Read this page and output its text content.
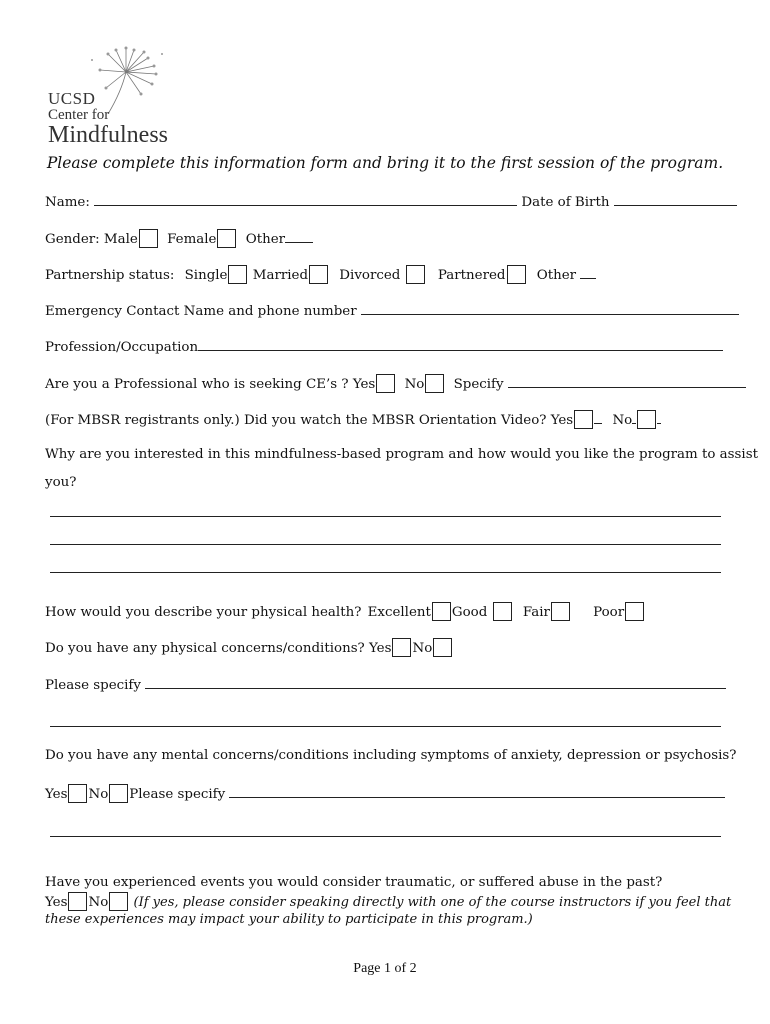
UCSD
Center for
Mindfulness
Please complete this information form and bring it to the first session of the program.
Name:	Date of Birth
Gender: Male Female Other
Partnership status: Single Married Divorced	Partnered Other
Emergency Contact Name and phone number
Profession/Occupation
Are you a Professional who is seeking CE’s ? Yes No Specify
(For MBSR registrants only.) Did you watch the MBSR Orientation Video? Yes	No
Why are you interested in this mindfulness-based program and how would you like the program to assist
you?
How would you describe your physical health? Excellent Good	Fair	Poor
Do you have any physical concerns/conditions? Yes No
Please specify
Do you have any mental concerns/conditions including symptoms of anxiety, depression or psychosis?
Yes No Please specify
Have you experienced events you would consider traumatic, or suffered abuse in the past?
Yes No (If yes, please consider speaking directly with one of the course instructors if you feel that
these experiences may impact your ability to participate in this program.)
Page 1 of 2
